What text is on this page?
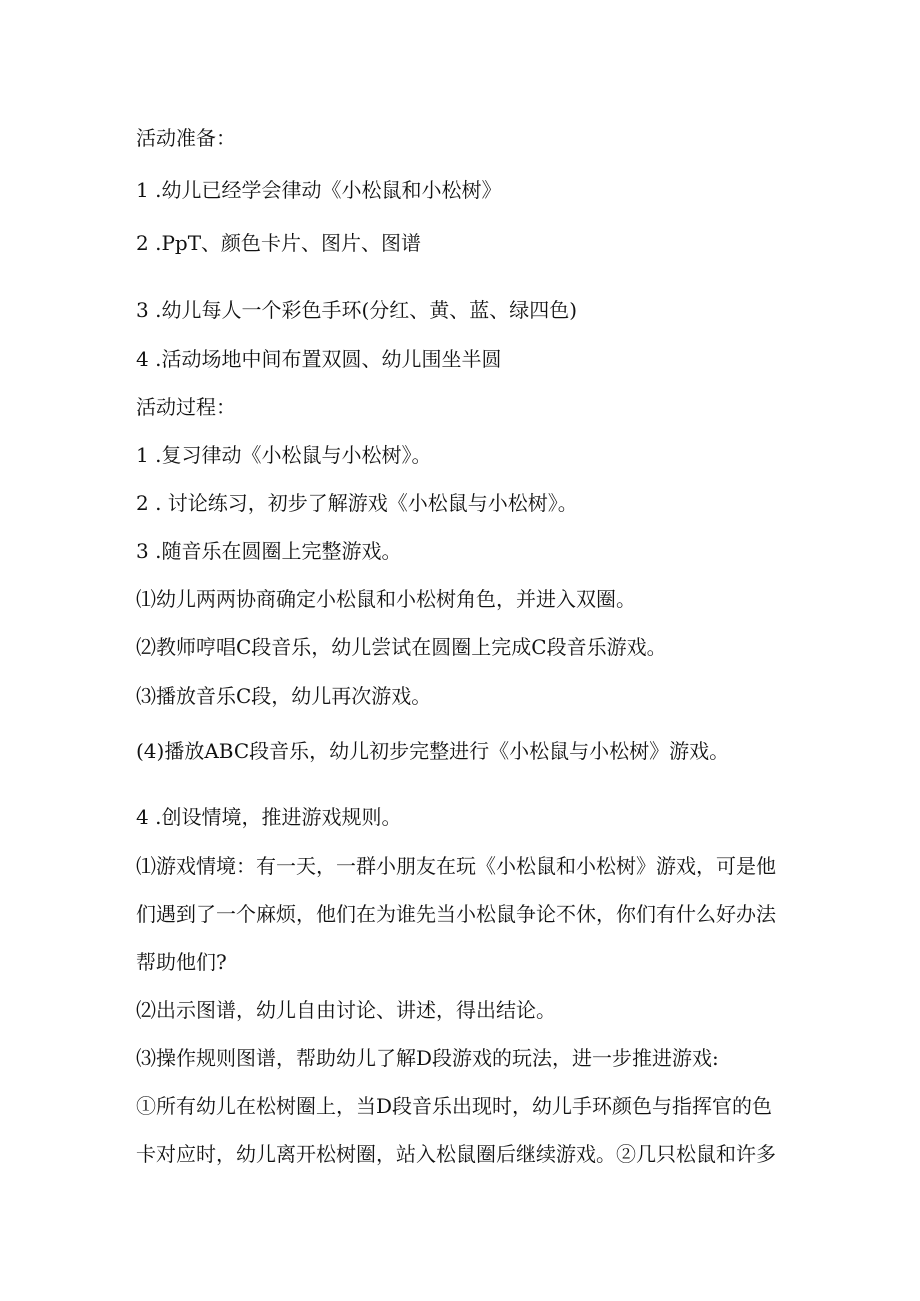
活动准备：
1 .幼儿已经学会律动《小松鼠和小松树》
2 .PpT、颜色卡片、图片、图谱
3 .幼儿每人一个彩色手环(分红、黄、蓝、绿四色)
4 .活动场地中间布置双圆、幼儿围坐半圆
活动过程：
1 .复习律动《小松鼠与小松树》。
2 . 讨论练习，初步了解游戏《小松鼠与小松树》。
3 .随音乐在圆圈上完整游戏。
⑴幼儿两两协商确定小松鼠和小松树角色，并进入双圈。
⑵教师哼唱C段音乐，幼儿尝试在圆圈上完成C段音乐游戏。
⑶播放音乐C段，幼儿再次游戏。
(4)播放ABC段音乐，幼儿初步完整进行《小松鼠与小松树》游戏。
4 .创设情境，推进游戏规则。
⑴游戏情境：有一天，一群小朋友在玩《小松鼠和小松树》游戏，可是他
们遇到了一个麻烦，他们在为谁先当小松鼠争论不休，你们有什么好办法
帮助他们?
⑵出示图谱，幼儿自由讨论、讲述，得出结论。
⑶操作规则图谱，帮助幼儿了解D段游戏的玩法，进一步推进游戏:
①所有幼儿在松树圈上，当D段音乐出现时，幼儿手环颜色与指挥官的色
卡对应时，幼儿离开松树圈，站入松鼠圈后继续游戏。②几只松鼠和许多
